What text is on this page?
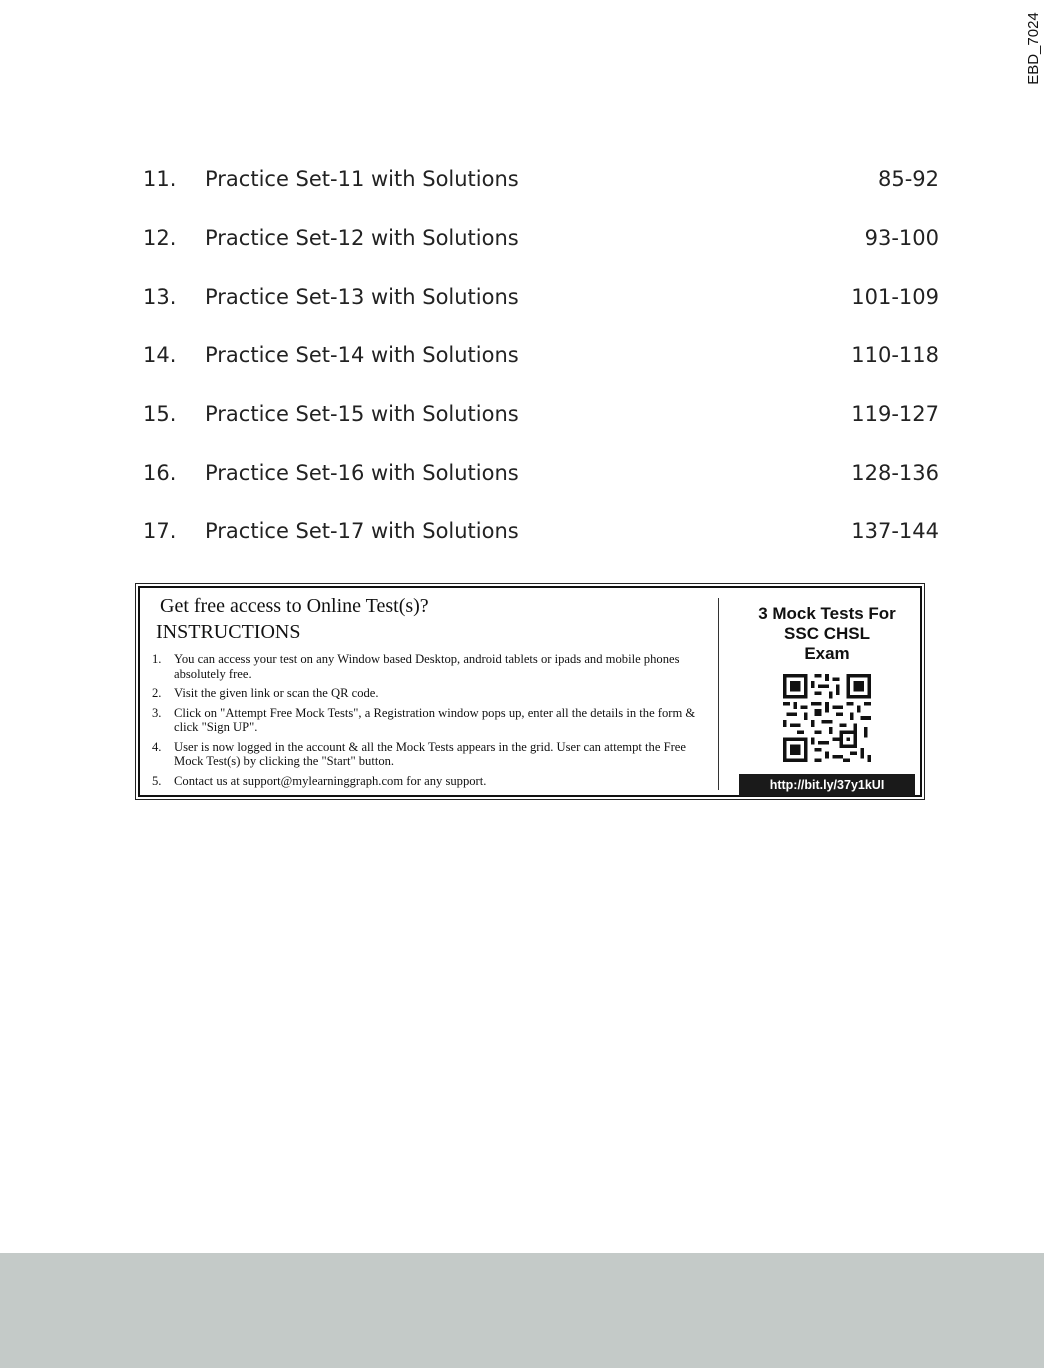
EBD_7024
11.	Practice Set-11 with Solutions	85-92
12.	Practice Set-12 with Solutions	93-100
13.	Practice Set-13 with Solutions	101-109
14.	Practice Set-14 with Solutions	110-118
15.	Practice Set-15 with Solutions	119-127
16.	Practice Set-16 with Solutions	128-136
17.	Practice Set-17 with Solutions	137-144
Get free access to Online Test(s)?
INSTRUCTIONS
1. You can access your test on any Window based Desktop, android tablets or ipads and mobile phones absolutely free.
2. Visit the given link or scan the QR code.
3. Click on "Attempt Free Mock Tests", a Registration window pops up, enter all the details in the form & click "Sign UP".
4. User is now logged in the account & all the Mock Tests appears in the grid. User can attempt the Free Mock Test(s) by clicking the "Start" button.
5. Contact us at support@mylearninggraph.com for any support.
3 Mock Tests For
SSC CHSL
Exam
http://bit.ly/37y1kUI
